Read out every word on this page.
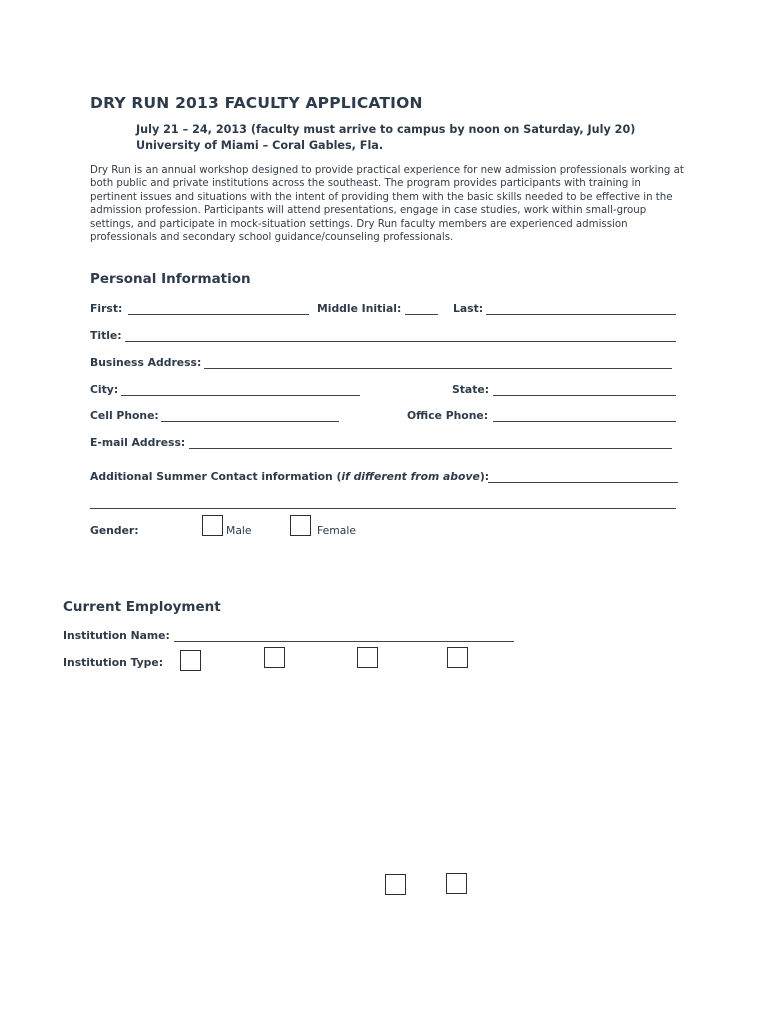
DRY RUN 2013 FACULTY APPLICATION
July 21 – 24, 2013 (faculty must arrive to campus by noon on Saturday, July 20)
University of Miami – Coral Gables, Fla.
Dry Run is an annual workshop designed to provide practical experience for new admission professionals working at both public and private institutions across the southeast. The program provides participants with training in pertinent issues and situations with the intent of providing them with the basic skills needed to be effective in the admission profession. Participants will attend presentations, engage in case studies, work within small-group settings, and participate in mock-situation settings. Dry Run faculty members are experienced admission professionals and secondary school guidance/counseling professionals.
Personal Information
First:	Middle Initial:	Last:
Title:
Business Address:
City:	State:
Cell Phone:	Office Phone:
E-mail Address:
Additional Summer Contact information (if different from above):
Gender:	Male	Female
Current Employment
Institution Name:
Institution Type:
